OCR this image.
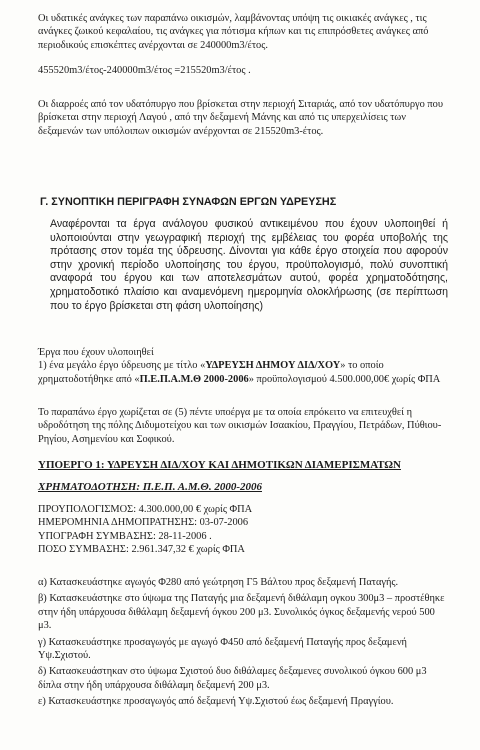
Οι υδατικές ανάγκες των παραπάνω οικισμών, λαμβάνοντας υπόψη τις οικιακές ανάγκες , τις ανάγκες ζωικού κεφαλαίου, τις ανάγκες για πότισμα κήπων και τις επιπρόσθετες ανάγκες από περιοδικούς επισκέπτες ανέρχονται σε 240000m3/έτος.

455520m3/έτος-240000m3/έτος =215520m3/έτος .

Οι διαρροές από τον υδατόπυργο που βρίσκεται στην περιοχή Σιταριάς, από τον υδατόπυργο που βρίσκεται στην περιοχή Λαγού , από την δεξαμενή Μάνης και από τις υπερχειλίσεις των δεξαμενών των υπόλοιπων οικισμών ανέρχονται σε 215520m3-έτος.

Γ. ΣΥΝΟΠΤΙΚΗ ΠΕΡΙΓΡΑΦΗ ΣΥΝΑΦΩΝ ΕΡΓΩΝ ΥΔΡΕΥΣΗΣ

Αναφέρονται τα έργα ανάλογου φυσικού αντικειμένου που έχουν υλοποιηθεί ή υλοποιούνται στην γεωγραφική περιοχή της εμβέλειας του φορέα υποβολής της πρότασης στον τομέα της ύδρευσης. Δίνονται για κάθε έργο στοιχεία που αφορούν στην χρονική περίοδο υλοποίησης του έργου, προϋπολογισμό, πολύ συνοπτική αναφορά του έργου και των αποτελεσμάτων αυτού, φορέα χρηματοδότησης, χρηματοδοτικό πλαίσιο και αναμενόμενη ημερομηνία ολοκλήρωσης (σε περίπτωση που το έργο βρίσκεται στη φάση υλοποίησης)

Έργα που έχουν υλοποιηθεί
1) ένα μεγάλο έργο ύδρευσης με τίτλο «ΥΔΡΕΥΣΗ ΔΗΜΟΥ ΔΙΔ/ΧΟΥ» το οποίο χρηματοδοτήθηκε από «Π.Ε.Π.Α.Μ.Θ 2000-2006» προϋπολογισμού 4.500.000,00€ χωρίς ΦΠΑ

Το παραπάνω έργο χωρίζεται σε (5) πέντε υποέργα με τα οποία επρόκειτο να επιτευχθεί η υδροδότηση της πόλης Διδυμοτείχου και των οικισμών Ισαακίου, Πραγγίου, Πετράδων, Πύθιου-Ρηγίου, Ασημενίου και Σοφικού.

ΥΠΟΕΡΓΟ 1: ΥΔΡΕΥΣΗ ΔΙΔ/ΧΟΥ ΚΑΙ ΔΗΜΟΤΙΚΩΝ ΔΙΑΜΕΡΙΣΜΑΤΩΝ

ΧΡΗΜΑΤΟΔΟΤΗΣΗ: Π.Ε.Π. Α.Μ.Θ. 2000-2006

ΠΡΟΥΠΟΛΟΓΙΣΜΟΣ: 4.300.000,00 € χωρίς ΦΠΑ
ΗΜΕΡΟΜΗΝΙΑ ΔΗΜΟΠΡΑΤΗΣΗΣ: 03-07-2006
ΥΠΟΓΡΑΦΗ ΣΥΜΒΑΣΗΣ: 28-11-2006 .
ΠΟΣΟ ΣΥΜΒΑΣΗΣ: 2.961.347,32 € χωρίς ΦΠΑ
α) Κατασκευάστηκε αγωγός Φ280 από γεώτρηση Γ5 Βάλτου προς δεξαμενή Παταγής.
β) Κατασκευάστηκε στο ύψωμα της Παταγής μια δεξαμενή διθάλαμη ογκου 300μ3 – προστέθηκε στην ήδη υπάρχουσα διθάλαμη δεξαμενή όγκου 200 μ3. Συνολικός όγκος δεξαμενής νερού 500 μ3.
γ) Κατασκευάστηκε προσαγωγός με αγωγό Φ450 από δεξαμενή Παταγής προς δεξαμενή Υψ.Σχιστού.
δ) Κατασκευάστηκαν στο ύψωμα Σχιστού δυο διθάλαμες δεξαμενες συνολικού όγκου 600 μ3 δίπλα στην ήδη υπάρχουσα διθάλαμη δεξαμενή 200 μ3.
ε) Κατασκευάστηκε προσαγωγός από δεξαμενή Υψ.Σχιστού έως δεξαμενή Πραγγίου.
